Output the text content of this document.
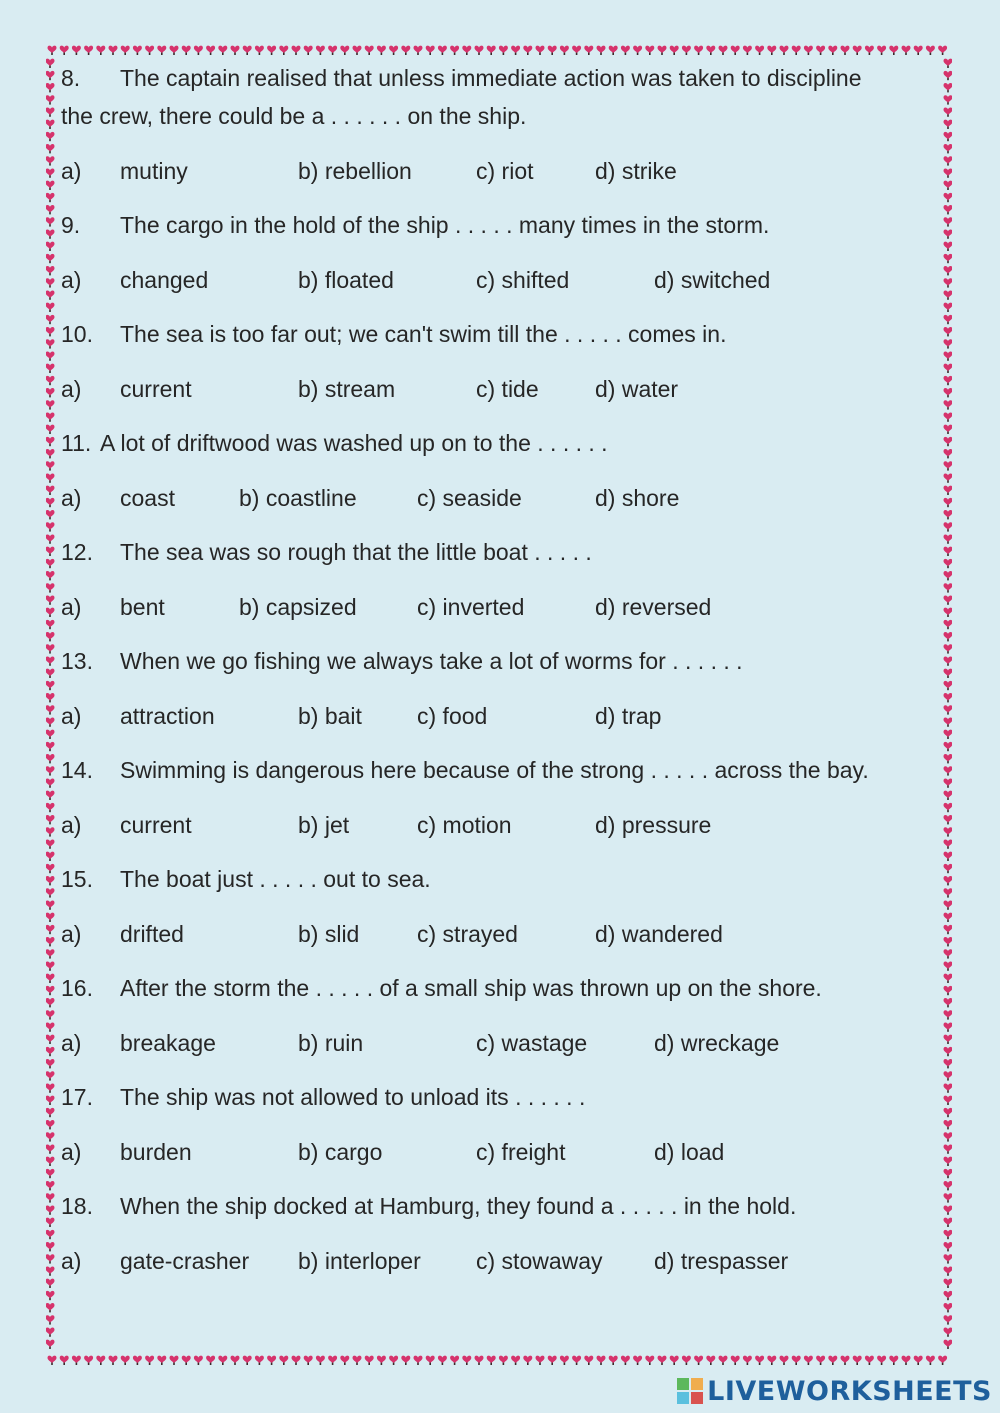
8. The captain realised that unless immediate action was taken to discipline
the crew, there could be a . . . . . . on the ship.
a) mutiny	b) rebellion	c) riot	d) strike
9. The cargo in the hold of the ship . . . . . many times in the storm.
a) changed	b) floated	c) shifted	d) switched
10. The sea is too far out; we can't swim till the . . . . . comes in.
a) current	b) stream	c) tide d) water
11. A lot of driftwood was washed up on to the . . . . . .
a) coast	b) coastline	c) seaside	d) shore
12. The sea was so rough that the little boat . . . . .
a) bent	b) capsized	c) inverted	d) reversed
13. When we go fishing we always take a lot of worms for . . . . . .
a) attraction	b) bait c) food	d) trap
14. Swimming is dangerous here because of the strong . . . . . across the bay.
a) current	b) jet	c) motion	d) pressure
15. The boat just . . . . . out to sea.
a) drifted	b) slid	c) strayed	d) wandered
16. After the storm the . . . . . of a small ship was thrown up on the shore.
a) breakage	b) ruin	c) wastage	d) wreckage
17. The ship was not allowed to unload its . . . . . .
a) burden	b) cargo	c) freight	d) load
18. When the ship docked at Hamburg, they found a . . . . . in the hold.
a) gate-crasher b) interloper c) stowaway d) trespasser
LIVEWORKSHEETS
